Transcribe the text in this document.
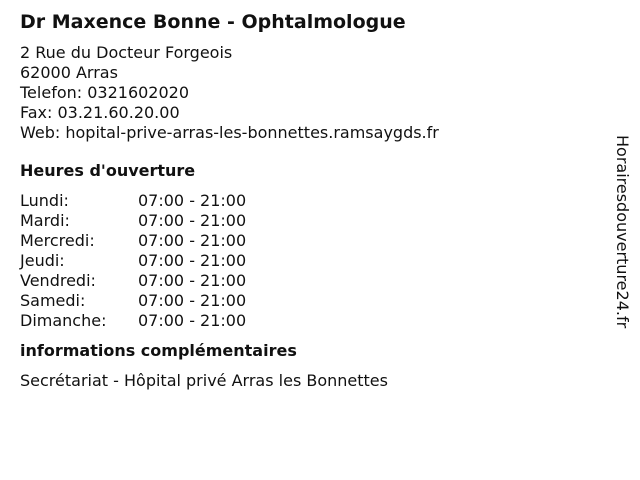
Dr Maxence Bonne - Ophtalmologue
2 Rue du Docteur Forgeois
62000 Arras
Telefon: 0321602020
Fax: 03.21.60.20.00
Web: hopital-prive-arras-les-bonnettes.ramsaygds.fr
Heures d'ouverture
Lundi:	07:00 - 21:00
Mardi:	07:00 - 21:00
Mercredi:	07:00 - 21:00
Jeudi:	07:00 - 21:00
Vendredi:	07:00 - 21:00
Samedi:	07:00 - 21:00
Dimanche:	07:00 - 21:00
informations complémentaires
Secrétariat - Hôpital privé Arras les Bonnettes
Horairesdouverture24.fr
